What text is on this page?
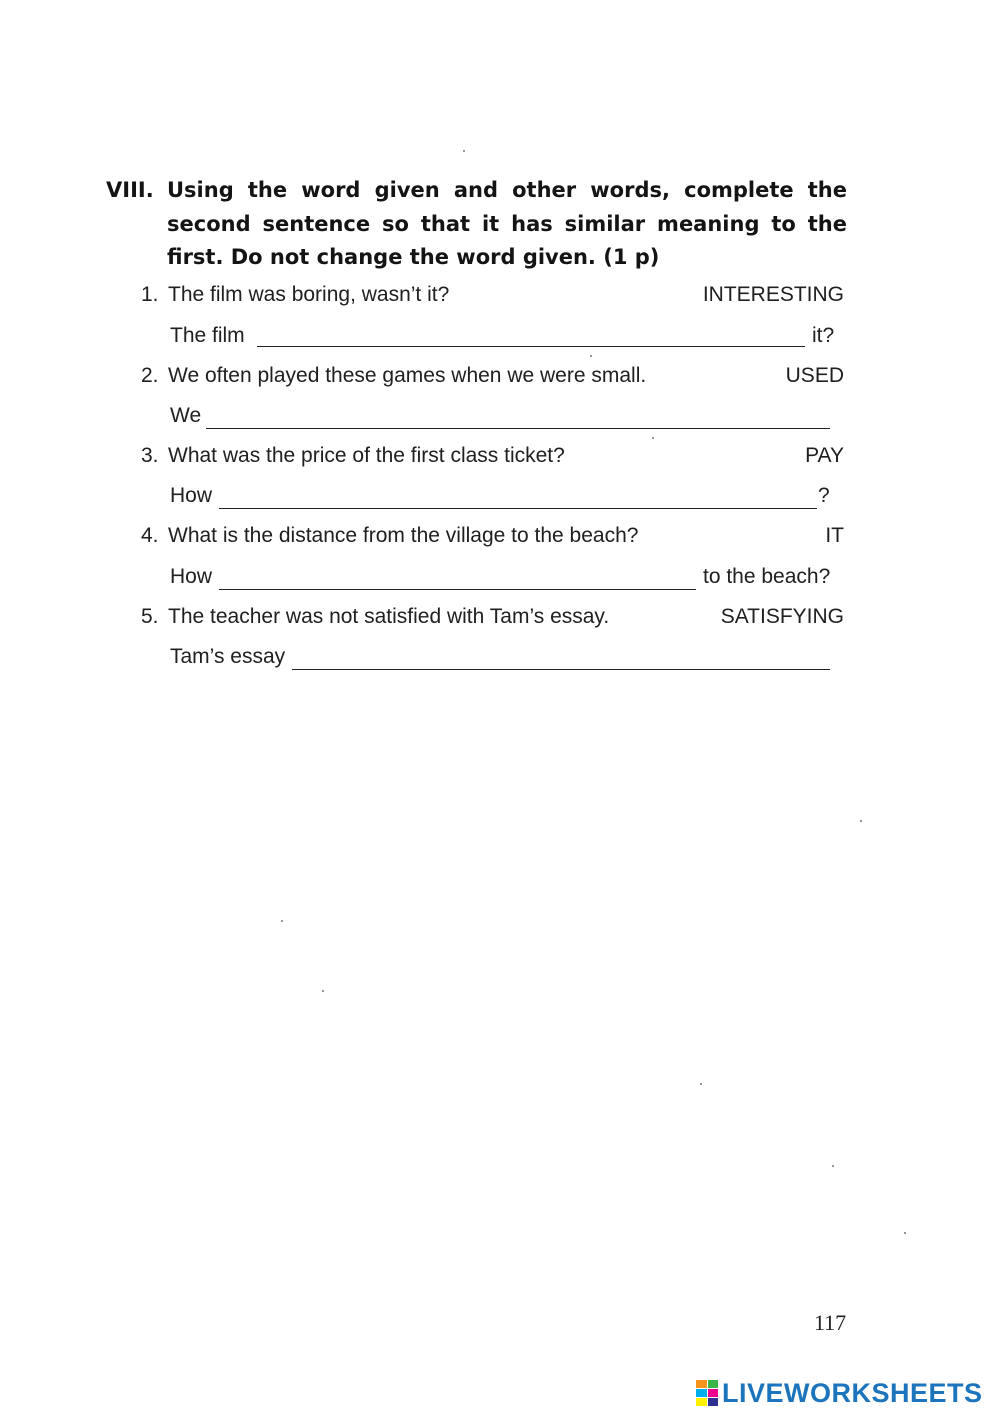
VIII. Using the word given and other words, complete the second sentence so that it has similar meaning to the first. Do not change the word given. (1 p)
1. The film was boring, wasn’t it?	INTERESTING
The film	it?
2. We often played these games when we were small.	USED
We
3. What was the price of the first class ticket?	PAY
How	?
4. What is the distance from the village to the beach?	IT
How	to the beach?
5. The teacher was not satisfied with Tam’s essay.	SATISFYING
Tam’s essay
117
LIVEWORKSHEETS
